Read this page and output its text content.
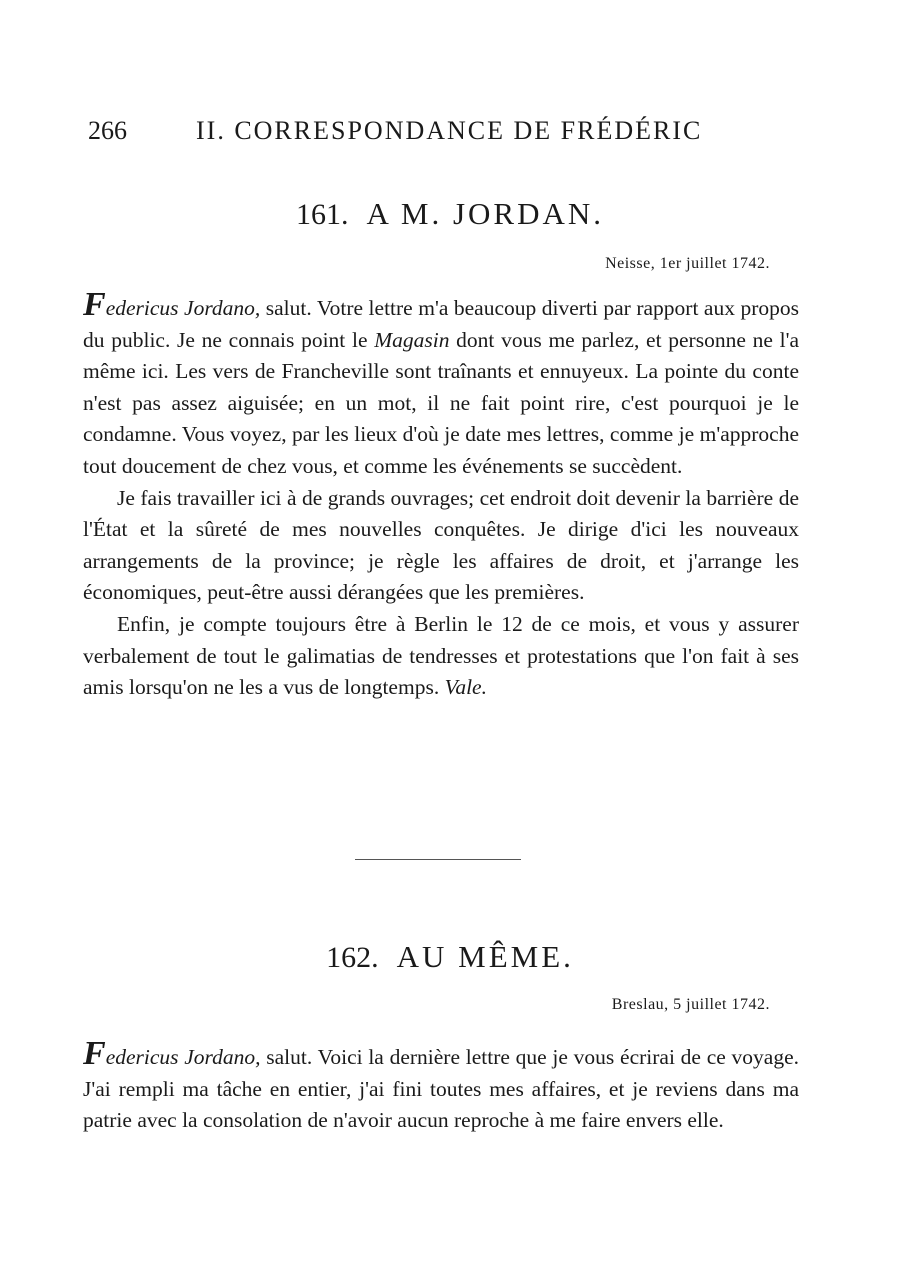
266	II. CORRESPONDANCE DE FRÉDÉRIC
161. A M. JORDAN.
Neisse, 1er juillet 1742.

Federicus Jordano, salut. Votre lettre m'a beaucoup diverti par rapport aux propos du public. Je ne connais point le Magasin dont vous me parlez, et personne ne l'a même ici. Les vers de Francheville sont traînants et ennuyeux. La pointe du conte n'est pas assez aiguisée; en un mot, il ne fait point rire, c'est pourquoi je le condamne. Vous voyez, par les lieux d'où je date mes lettres, comme je m'approche tout doucement de chez vous, et comme les événements se succèdent.

Je fais travailler ici à de grands ouvrages; cet endroit doit devenir la barrière de l'État et la sûreté de mes nouvelles conquêtes. Je dirige d'ici les nouveaux arrangements de la province; je règle les affaires de droit, et j'arrange les économiques, peut-être aussi dérangées que les premières.

Enfin, je compte toujours être à Berlin le 12 de ce mois, et vous y assurer verbalement de tout le galimatias de tendresses et protestations que l'on fait à ses amis lorsqu'on ne les a vus de longtemps. Vale.

162. AU MÊME.
Breslau, 5 juillet 1742.

Federicus Jordano, salut. Voici la dernière lettre que je vous écrirai de ce voyage. J'ai rempli ma tâche en entier, j'ai fini toutes mes affaires, et je reviens dans ma patrie avec la consolation de n'avoir aucun reproche à me faire envers elle.
